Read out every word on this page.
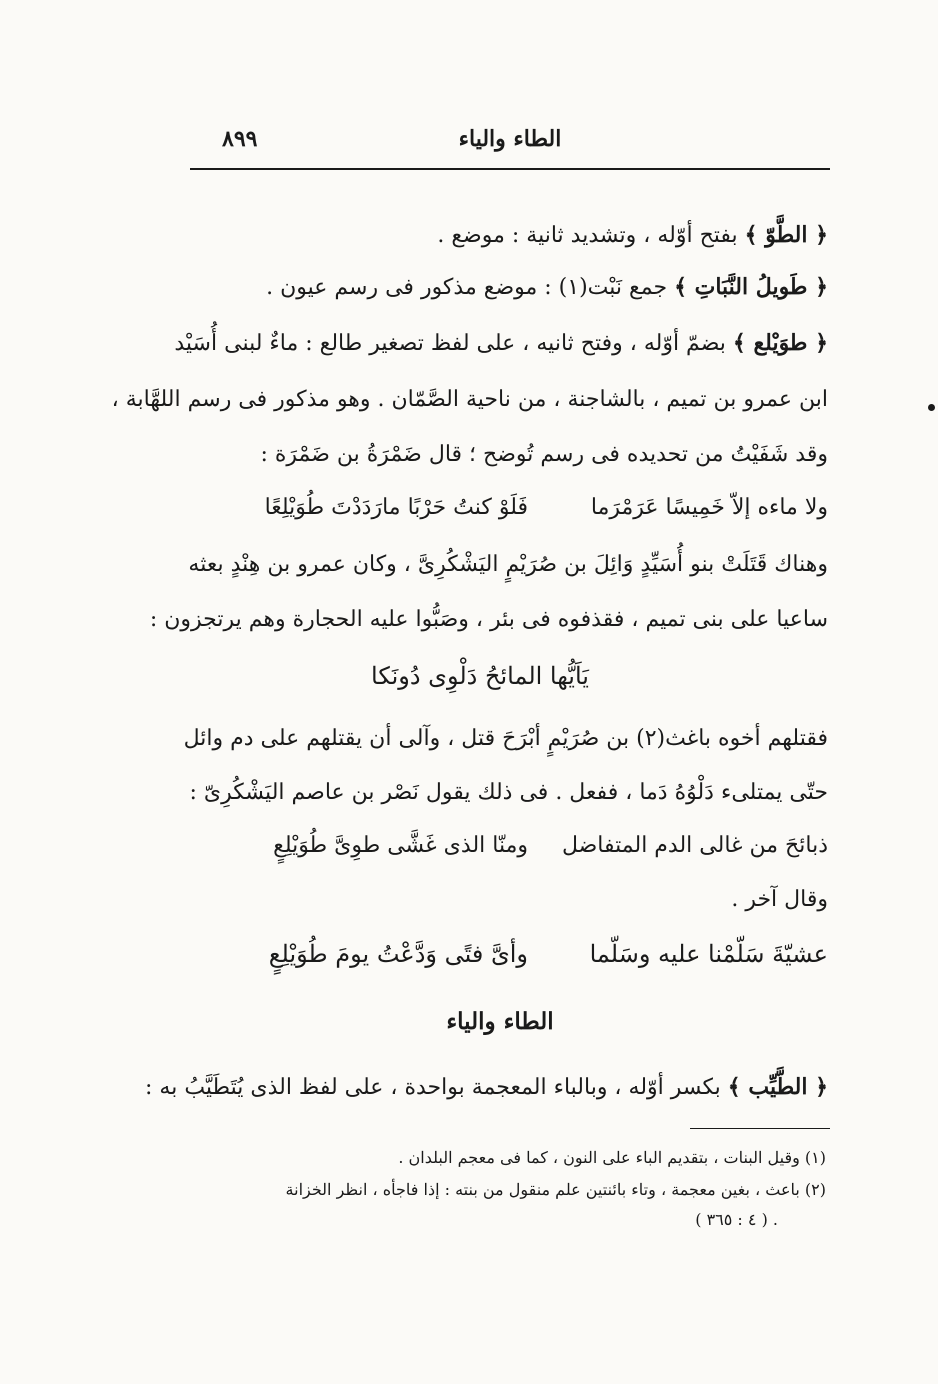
الطاء والياء
٨٩٩
﴿ الطَّوّ ﴾ بفتح أوّله ، وتشديد ثانية : موضع .
﴿ طَويلُ النَّبَاتِ ﴾ جمع نَبْت(١) : موضع مذكور فى رسم عيون .
﴿ طوَيْلع ﴾ بضمّ أوّله ، وفتح ثانيه ، على لفظ تصغير طالع : ماءٌ لبنى أُسَيْد
ابن عمرو بن تميم ، بالشاجنة ، من ناحية الصَّمّان . وهو مذكور فى رسم اللهَّابة ،
وقد شَفَيْتُ من تحديده فى رسم تُوضح ؛ قال ضَمْرَةُ بن ضَمْرَة :
فَلَوْ كنتُ حَرْبًا مارَدَدْتَ طُوَيْلِعًا	ولا ماءه إلاّ خَمِيسًا عَرَمْرَما
وهناك قَتَلَتْ بنو أُسَيِّدٍ وَائِلَ بن صُرَيْمٍ اليَشْكُرِىَّ ، وكان عمرو بن هِنْدٍ بعثه
ساعيا على بنى تميم ، فقذفوه فى بئر ، وصَبُّوا عليه الحجارة وهم يرتجزون :
يَاَيُّها المائحُ دَلْوِى دُونَكا
فقتلهم أخوه باغث(٢) بن صُرَيْمٍ أبْرَحَ قتل ، وآلى أن يقتلهم على دم وائل
حتّى يمتلىء دَلْوُهُ دَما ، ففعل . فى ذلك يقول نَصْر بن عاصم اليَشْكُرِىّ :
ومنّا الذى غَشَّى طوِىَّ طُوَيْلِعٍ	ذبائحَ من غالى الدم المتفاضل
وقال آخر .
وأىَّ فتًى وَدَّعْتُ يومَ طُوَيْلِعٍ	عشيّةَ سَلّمْنا عليه وسَلّما
الطاء والياء
﴿ الطَّيِّب ﴾ بكسر أوّله ، وبالباء المعجمة بواحدة ، على لفظ الذى يُتَطَيَّبُ به :
(١) وقيل البنات ، بتقديم الباء على النون ، كما فى معجم البلدان .
(٢) باعث ، بغين معجمة ، وتاء بائنتين علم منقول من بنته : إذا فاجأه ، انظر الخزانة
. ( ٤ : ٣٦٥ )
